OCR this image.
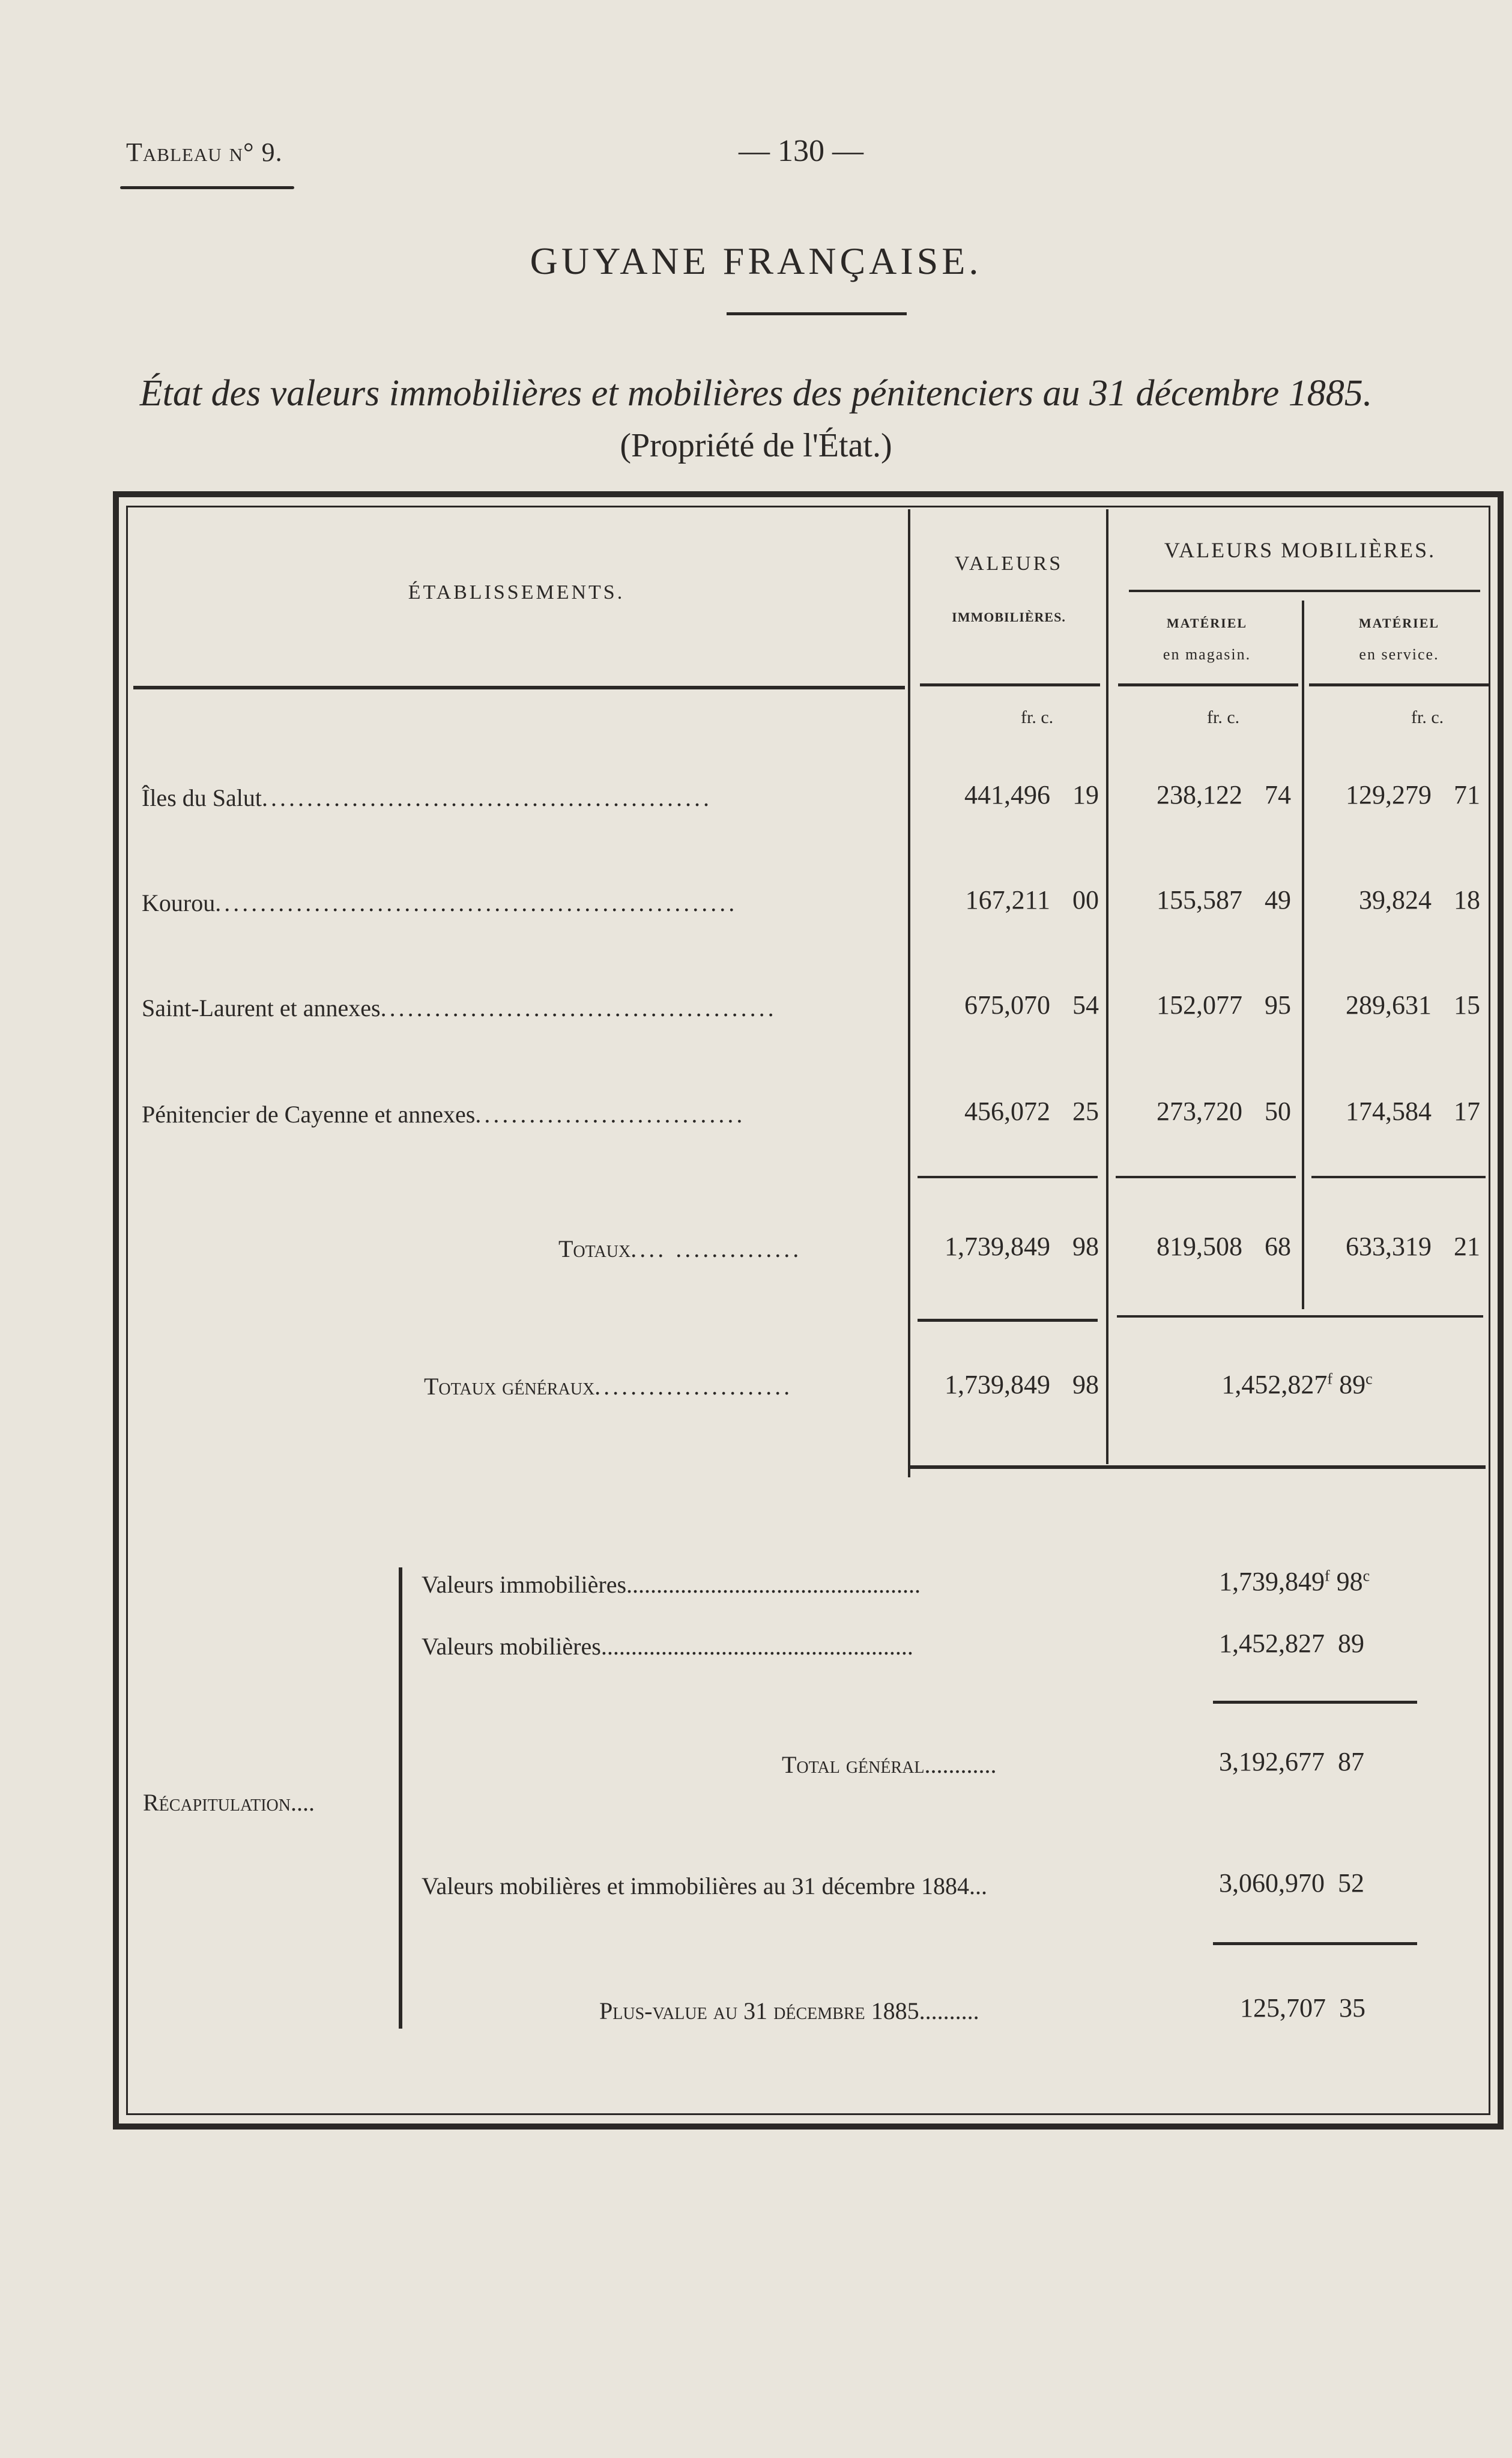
Tableau n° 9.	— 130 —
GUYANE FRANÇAISE.
État des valeurs immobilières et mobilières des pénitenciers au 31 décembre 1885.
(Propriété de l'État.)
ÉTABLISSEMENTS.
VALEURS
IMMOBILIÈRES.
VALEURS MOBILIÈRES.
MATÉRIEL
en magasin.
MATÉRIEL
en service.
fr. c.	fr. c.	fr. c.
Îles du Salut..................................................	441,496 19	238,122 74	129,279 71
Kourou..........................................................	167,211 00	155,587 49	39,824 18
Saint-Laurent et annexes............................................	675,070 54	152,077 95	289,631 15
Pénitencier de Cayenne et annexes..............................	456,072 25	273,720 50	174,584 17
Totaux.... ..............	1,739,849 98	819,508 68	633,319 21
Totaux généraux......................	1,739,849 98	1,452,827$^f$ 89$^c$
Récapitulation....
Valeurs immobilières.................................................	1,739,849$^f$ 98$^c$
Valeurs mobilières....................................................	1,452,827 89
Total général............	3,192,677 87
Valeurs mobilières et immobilières au 31 décembre 1884...	3,060,970 52
Plus-value au 31 décembre 1885..........	125,707 35
